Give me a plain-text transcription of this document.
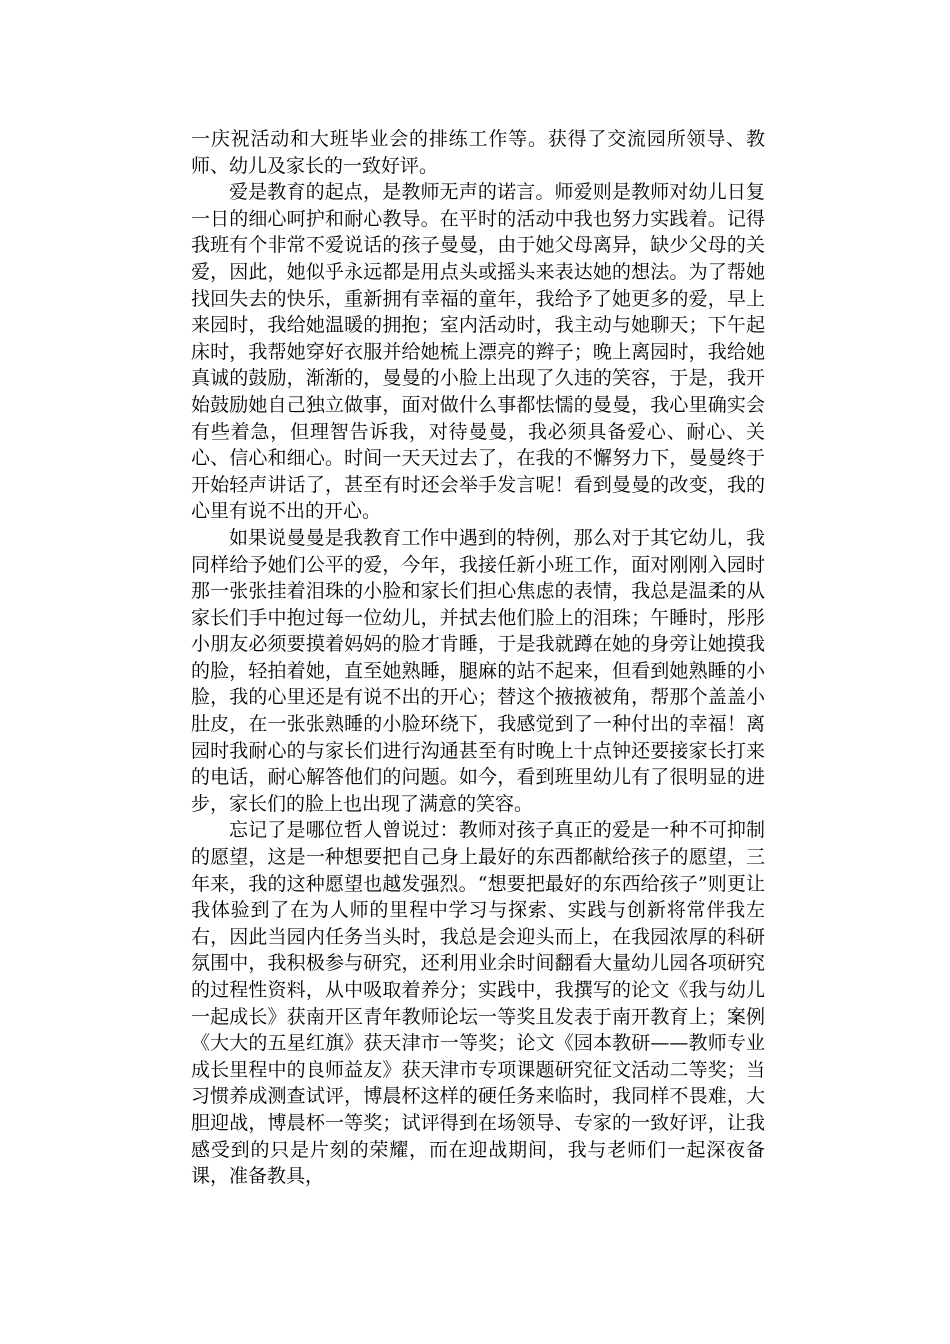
一庆祝活动和大班毕业会的排练工作等。获得了交流园所领导、教师、幼儿及家长的一致好评。

爱是教育的起点，是教师无声的诺言。师爱则是教师对幼儿日复一日的细心呵护和耐心教导。在平时的活动中我也努力实践着。记得我班有个非常不爱说话的孩子曼曼，由于她父母离异，缺少父母的关爱，因此，她似乎永远都是用点头或摇头来表达她的想法。为了帮她找回失去的快乐，重新拥有幸福的童年，我给予了她更多的爱，早上来园时，我给她温暖的拥抱；室内活动时，我主动与她聊天；下午起床时，我帮她穿好衣服并给她梳上漂亮的辫子；晚上离园时，我给她真诚的鼓励，渐渐的，曼曼的小脸上出现了久违的笑容，于是，我开始鼓励她自己独立做事，面对做什么事都怯懦的曼曼，我心里确实会有些着急，但理智告诉我，对待曼曼，我必须具备爱心、耐心、关心、信心和细心。时间一天天过去了，在我的不懈努力下，曼曼终于开始轻声讲话了，甚至有时还会举手发言呢！看到曼曼的改变，我的心里有说不出的开心。

如果说曼曼是我教育工作中遇到的特例，那么对于其它幼儿，我同样给予她们公平的爱，今年，我接任新小班工作，面对刚刚入园时那一张张挂着泪珠的小脸和家长们担心焦虑的表情，我总是温柔的从家长们手中抱过每一位幼儿，并拭去他们脸上的泪珠；午睡时，彤彤小朋友必须要摸着妈妈的脸才肯睡，于是我就蹲在她的身旁让她摸我的脸，轻拍着她，直至她熟睡，腿麻的站不起来，但看到她熟睡的小脸，我的心里还是有说不出的开心；替这个掖掖被角，帮那个盖盖小肚皮，在一张张熟睡的小脸环绕下，我感觉到了一种付出的幸福！离园时我耐心的与家长们进行沟通甚至有时晚上十点钟还要接家长打来的电话，耐心解答他们的问题。如今，看到班里幼儿有了很明显的进步，家长们的脸上也出现了满意的笑容。

忘记了是哪位哲人曾说过：教师对孩子真正的爱是一种不可抑制的愿望，这是一种想要把自己身上最好的东西都献给孩子的愿望，三年来，我的这种愿望也越发强烈。“想要把最好的东西给孩子”则更让我体验到了在为人师的里程中学习与探索、实践与创新将常伴我左右，因此当园内任务当头时，我总是会迎头而上，在我园浓厚的科研氛围中，我积极参与研究，还利用业余时间翻看大量幼儿园各项研究的过程性资料，从中吸取着养分；实践中，我撰写的论文《我与幼儿一起成长》获南开区青年教师论坛一等奖且发表于南开教育上；案例《大大的五星红旗》获天津市一等奖；论文《园本教研——教师专业成长里程中的良师益友》获天津市专项课题研究征文活动二等奖；当习惯养成测查试评，博晨杯这样的硬任务来临时，我同样不畏难，大胆迎战，博晨杯一等奖；试评得到在场领导、专家的一致好评，让我感受到的只是片刻的荣耀，而在迎战期间，我与老师们一起深夜备课，准备教具，
